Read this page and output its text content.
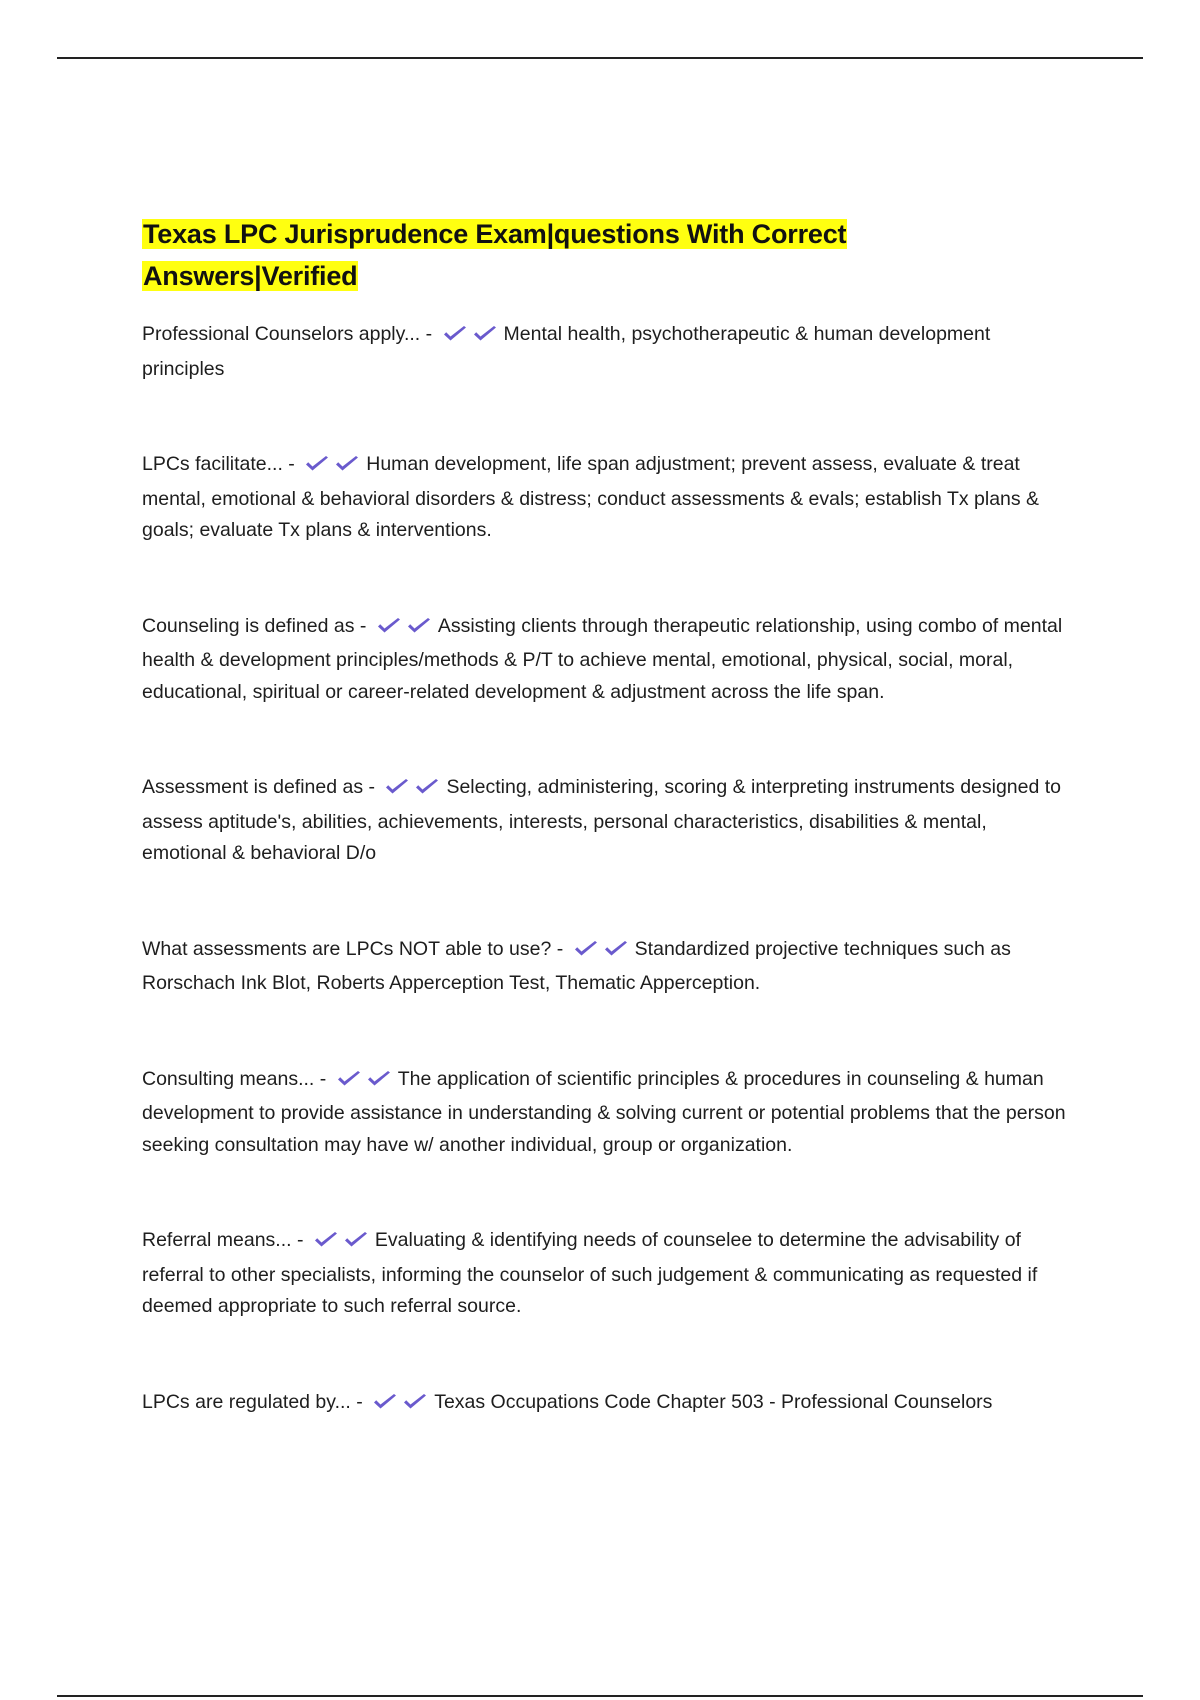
Texas LPC Jurisprudence Exam|questions With Correct Answers|Verified

Professional Counselors apply... -	Mental health, psychotherapeutic & human development principles

LPCs facilitate... -	Human development, life span adjustment; prevent assess, evaluate & treat mental, emotional & behavioral disorders & distress; conduct assessments & evals; establish Tx plans & goals; evaluate Tx plans & interventions.

Counseling is defined as -	Assisting clients through therapeutic relationship, using combo of mental health & development principles/methods & P/T to achieve mental, emotional, physical, social, moral, educational, spiritual or career-related development & adjustment across the life span.

Assessment is defined as -	Selecting, administering, scoring & interpreting instruments designed to assess aptitude's, abilities, achievements, interests, personal characteristics, disabilities & mental, emotional & behavioral D/o

What assessments are LPCs NOT able to use? -	Standardized projective techniques such as Rorschach Ink Blot, Roberts Apperception Test, Thematic Apperception.

Consulting means... -	The application of scientific principles & procedures in counseling & human development to provide assistance in understanding & solving current or potential problems that the person seeking consultation may have w/ another individual, group or organization.

Referral means... -	Evaluating & identifying needs of counselee to determine the advisability of referral to other specialists, informing the counselor of such judgement & communicating as requested if deemed appropriate to such referral source.

LPCs are regulated by... -	Texas Occupations Code Chapter 503 - Professional Counselors
